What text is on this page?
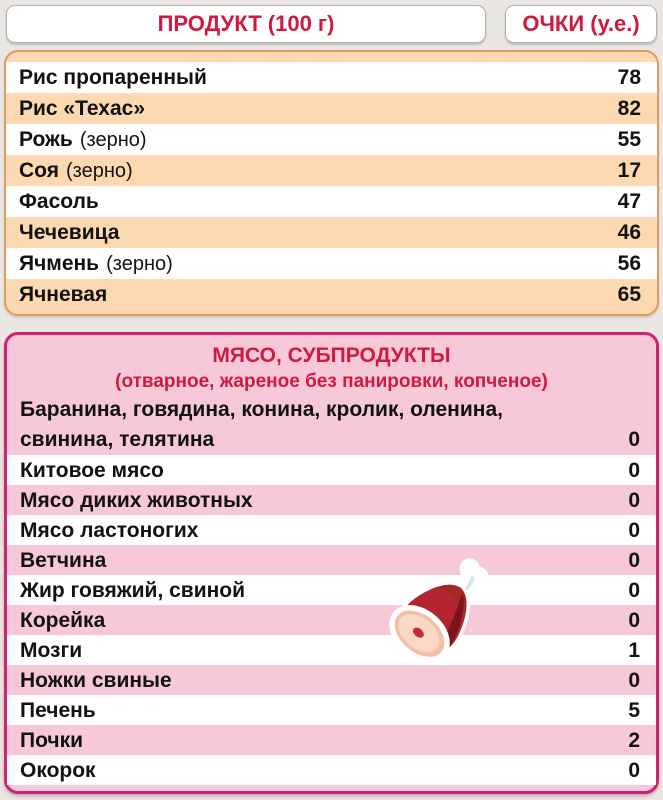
ПРОДУКТ (100 г)	ОЧКИ (у.е.)
Рис пропаренный	78
Рис «Техас»	82
Рожь (зерно)	55
Соя (зерно)	17
Фасоль	47
Чечевица	46
Ячмень (зерно)	56
Ячневая	65
МЯСО, СУБПРОДУКТЫ
(отварное, жареное без панировки, копченое)
Баранина, говядина, конина, кролик, оленина, свинина, телятина	0
Китовое мясо	0
Мясо диких животных	0
Мясо ластоногих	0
Ветчина	0
Жир говяжий, свиной	0
Корейка	0
Мозги	1
Ножки свиные	0
Печень	5
Почки	2
Окорок	0
